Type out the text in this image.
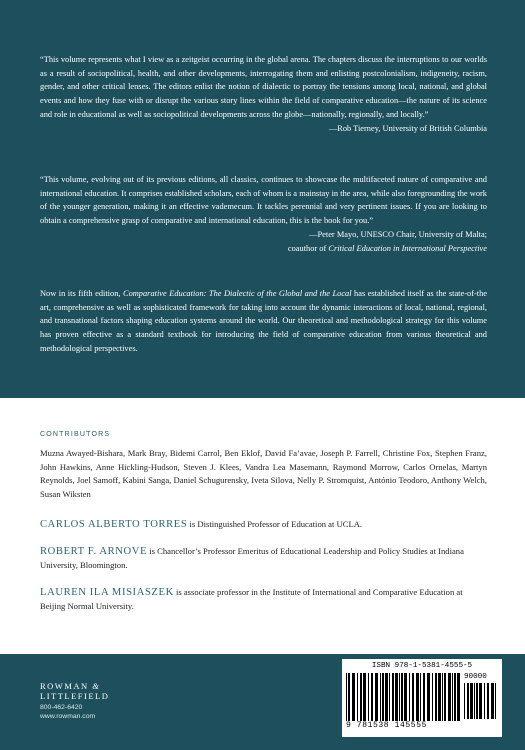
“This volume represents what I view as a zeitgeist occurring in the global arena. The chapters discuss the interruptions to our worlds as a result of sociopolitical, health, and other developments, interrogating them and enlisting postcolonialism, indigeneity, racism, gender, and other critical lenses. The editors enlist the notion of dialectic to portray the tensions among local, national, and global events and how they fuse with or disrupt the various story lines within the field of comparative education—the nature of its science and role in educational as well as sociopolitical developments across the globe—nationally, regionally, and locally.”

—Rob Tierney, University of British Columbia

“This volume, evolving out of its previous editions, all classics, continues to showcase the multifaceted nature of comparative and international education. It comprises established scholars, each of whom is a mainstay in the area, while also foregrounding the work of the younger generation, making it an effective vademecum. It tackles perennial and very pertinent issues. If you are looking to obtain a comprehensive grasp of comparative and international education, this is the book for you.”

—Peter Mayo, UNESCO Chair, University of Malta;
coauthor of Critical Education in International Perspective

Now in its fifth edition, Comparative Education: The Dialectic of the Global and the Local has established itself as the state-of-the art, comprehensive as well as sophisticated framework for taking into account the dynamic interactions of local, national, regional, and transnational factors shaping education systems around the world. Our theoretical and methodological strategy for this volume has proven effective as a standard textbook for introducing the field of comparative education from various theoretical and methodological perspectives.

CONTRIBUTORS

Muzna Awayed-Bishara, Mark Bray, Bidemi Carrol, Ben Eklof, David Fa’avae, Joseph P. Farrell, Christine Fox, Stephen Franz, John Hawkins, Anne Hickling-Hudson, Steven J. Klees, Vandra Lea Masemann, Raymond Morrow, Carlos Ornelas, Martyn Reynolds, Joel Samoff, Kabini Sanga, Daniel Schugurensky, Iveta Silova, Nelly P. Stromquist, António Teodoro, Anthony Welch, Susan Wiksten

CARLOS ALBERTO TORRES is Distinguished Professor of Education at UCLA.

ROBERT F. ARNOVE is Chancellor’s Professor Emeritus of Educational Leadership and Policy Studies at Indiana University, Bloomington.

LAUREN ILA MISIASZEK is associate professor in the Institute of International and Comparative Education at Beijing Normal University.

ROWMAN &
LITTLEFIELD
800-462-6420
www.rowman.com
ISBN 978-1-5381-4555-5
9 781538 145555
90000
